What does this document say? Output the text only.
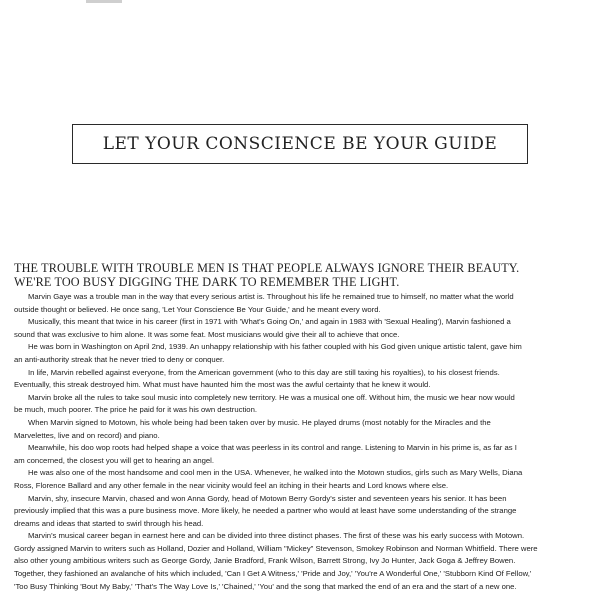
LET YOUR CONSCIENCE BE YOUR GUIDE
THE TROUBLE WITH TROUBLE MEN IS THAT PEOPLE ALWAYS IGNORE THEIR BEAUTY.
WE'RE TOO BUSY DIGGING THE DARK TO REMEMBER THE LIGHT.
Marvin Gaye was a trouble man in the way that every serious artist is. Throughout his life he remained true to himself, no matter what the world
outside thought or believed. He once sang, 'Let Your Conscience Be Your Guide,' and he meant every word.
Musically, this meant that twice in his career (first in 1971 with 'What's Going On,' and again in 1983 with 'Sexual Healing'), Marvin fashioned a
sound that was exclusive to him alone. It was some feat. Most musicians would give their all to achieve that once.
He was born in Washington on April 2nd, 1939. An unhappy relationship with his father coupled with his God given unique artistic talent, gave him
an anti-authority streak that he never tried to deny or conquer.
In life, Marvin rebelled against everyone, from the American government (who to this day are still taxing his royalties), to his closest friends.
Eventually, this streak destroyed him. What must have haunted him the most was the awful certainty that he knew it would.
Marvin broke all the rules to take soul music into completely new territory. He was a musical one off. Without him, the music we hear now would
be much, much poorer. The price he paid for it was his own destruction.
When Marvin signed to Motown, his whole being had been taken over by music. He played drums (most notably for the Miracles and the
Marvelettes, live and on record) and piano.
Meanwhile, his doo wop roots had helped shape a voice that was peerless in its control and range. Listening to Marvin in his prime is, as far as I
am concerned, the closest you will get to hearing an angel.
He was also one of the most handsome and cool men in the USA. Whenever, he walked into the Motown studios, girls such as Mary Wells, Diana
Ross, Florence Ballard and any other female in the near vicinity would feel an itching in their hearts and Lord knows where else.
Marvin, shy, insecure Marvin, chased and won Anna Gordy, head of Motown Berry Gordy's sister and seventeen years his senior. It has been
previously implied that this was a pure business move. More likely, he needed a partner who would at least have some understanding of the strange
dreams and ideas that started to swirl through his head.
Marvin's musical career began in earnest here and can be divided into three distinct phases. The first of these was his early success with Motown.
Gordy assigned Marvin to writers such as Holland, Dozier and Holland, William "Mickey" Stevenson, Smokey Robinson and Norman Whitfield. There were
also other young ambitious writers such as George Gordy, Janie Bradford, Frank Wilson, Barrett Strong, Ivy Jo Hunter, Jack Goga & Jeffrey Bowen.
Together, they fashioned an avalanche of hits which included, 'Can I Get A Witness,' 'Pride and Joy,' 'You're A Wonderful One,' 'Stubborn Kind Of Fellow,'
'Too Busy Thinking 'Bout My Baby,' 'That's The Way Love Is,' 'Chained,' 'You' and the song that marked the end of an era and the start of a new one.
